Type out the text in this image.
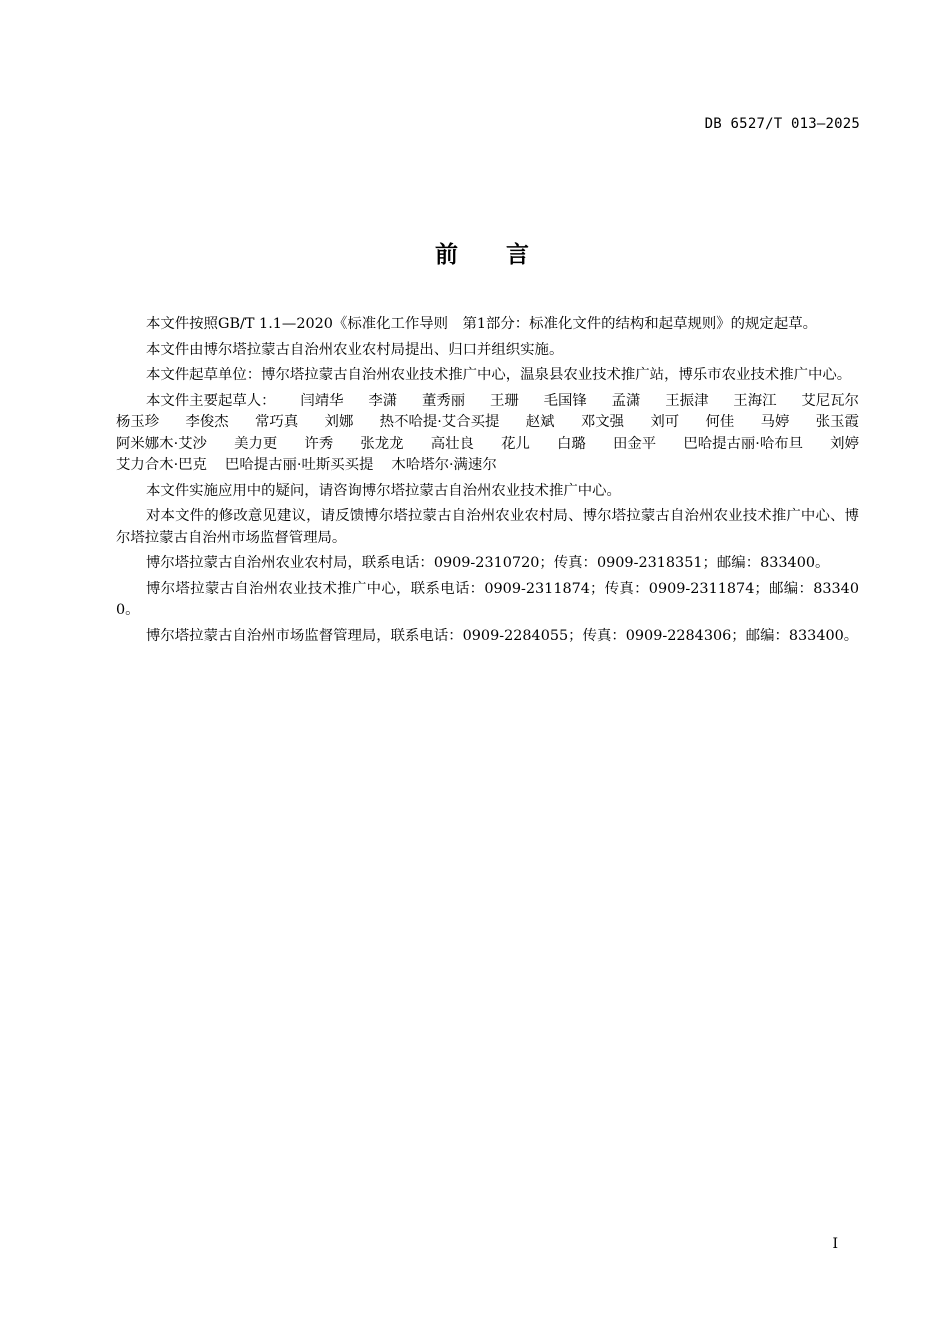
DB 6527/T 013—2025
前言

本文件按照GB/T 1.1—2020《标准化工作导则　第1部分：标准化文件的结构和起草规则》的规定起草。

本文件由博尔塔拉蒙古自治州农业农村局提出、归口并组织实施。

本文件起草单位：博尔塔拉蒙古自治州农业技术推广中心，温泉县农业技术推广站，博乐市农业技术推广中心。

本文件主要起草人： 闫靖华 李潇 董秀丽 王珊 毛国锋 孟潇 王振津 王海江 艾尼瓦尔
杨玉珍 李俊杰 常巧真 刘娜 热不哈提·艾合买提 赵斌 邓文强 刘可 何佳 马婷 张玉霞
阿米娜木·艾沙 美力更 许秀 张龙龙 高壮良 花儿 白璐 田金平 巴哈提古丽·哈布旦 刘婷
艾力合木·巴克 巴哈提古丽·吐斯买买提 木哈塔尔·满速尔

本文件实施应用中的疑问，请咨询博尔塔拉蒙古自治州农业技术推广中心。

对本文件的修改意见建议，请反馈博尔塔拉蒙古自治州农业农村局、博尔塔拉蒙古自治州农业技术推广中心、博尔塔拉蒙古自治州市场监督管理局。

博尔塔拉蒙古自治州农业农村局，联系电话：0909-2310720；传真：0909-2318351；邮编：833400。

博尔塔拉蒙古自治州农业技术推广中心，联系电话：0909-2311874；传真：0909-2311874；邮编：833400。

博尔塔拉蒙古自治州市场监督管理局，联系电话：0909-2284055；传真：0909-2284306；邮编：833400。

I
